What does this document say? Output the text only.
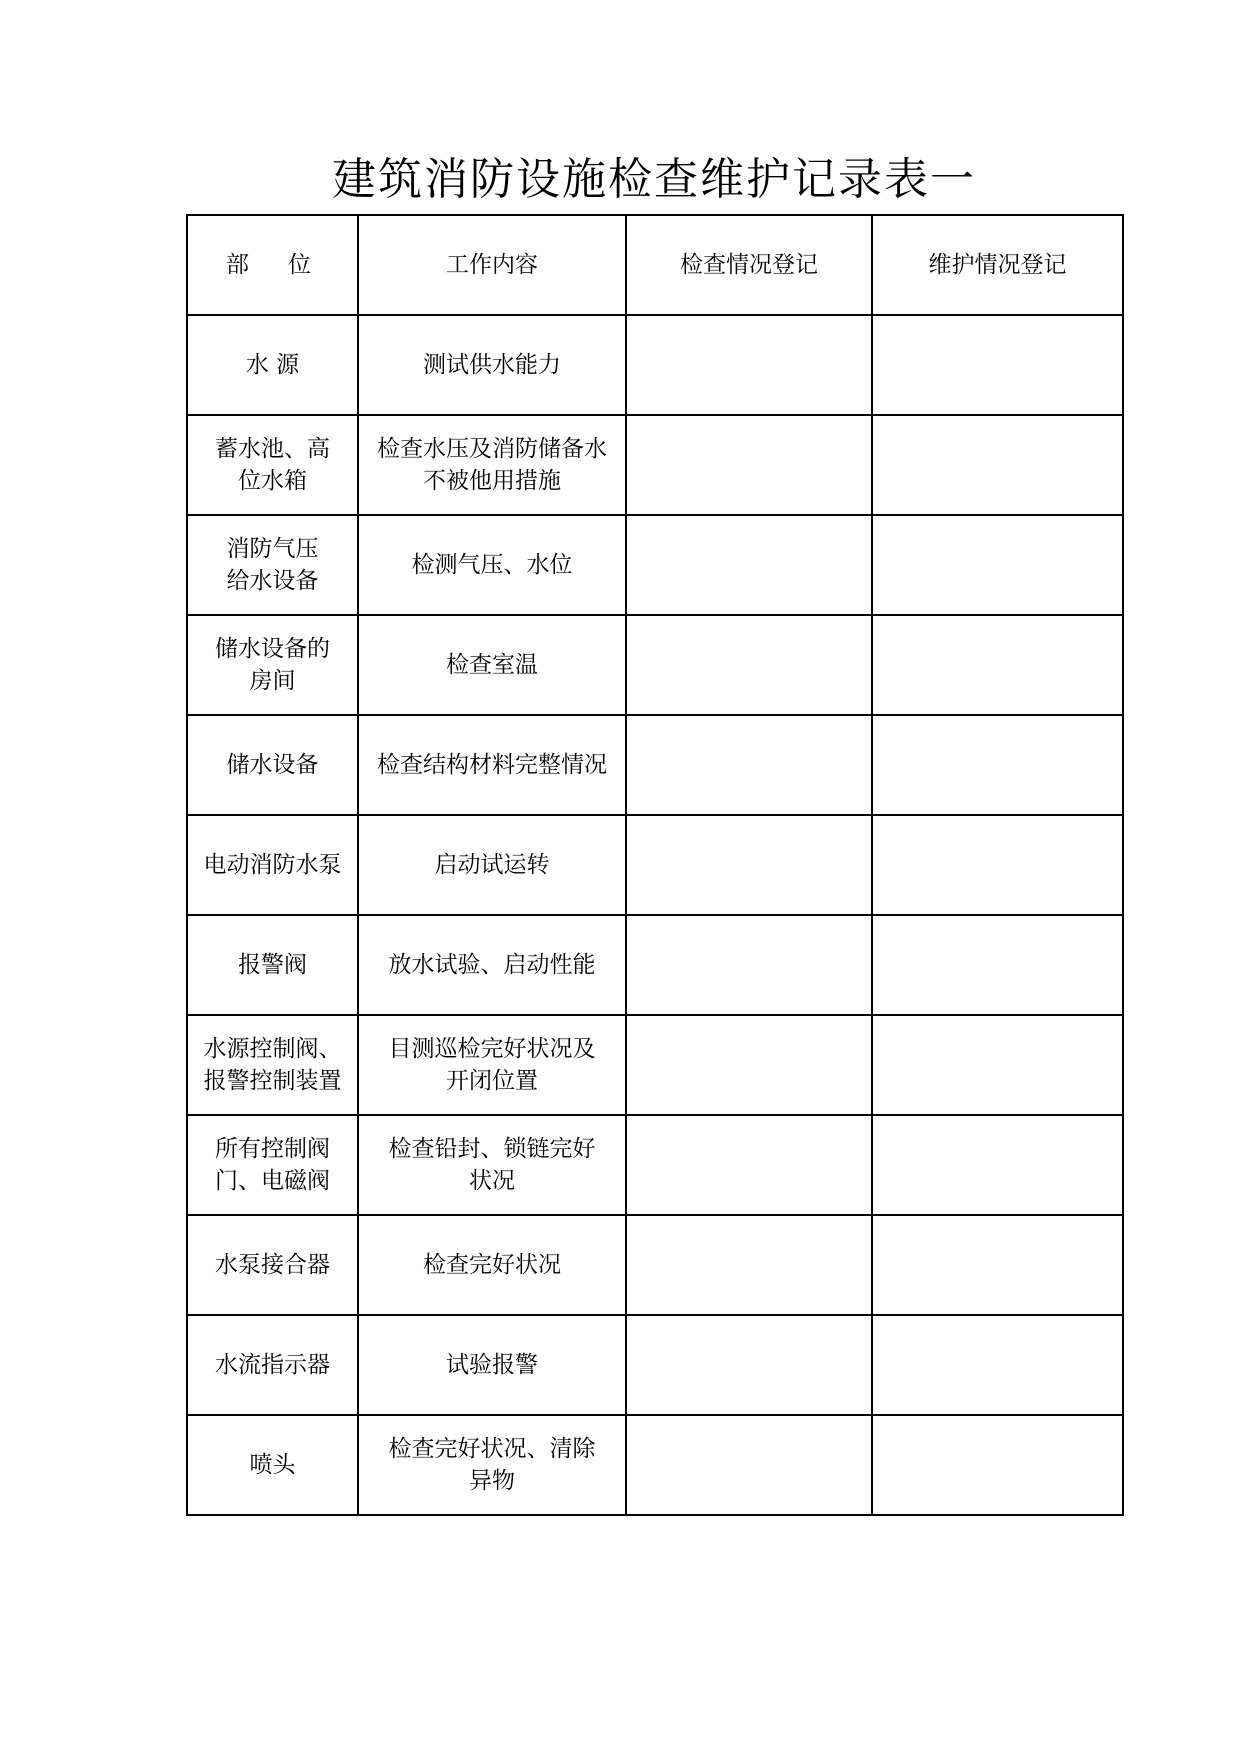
建筑消防设施检查维护记录表一
部　位	工作内容	检查情况登记	维护情况登记

水 源	测试供水能力		

蓄水池、高
位水箱	检查水压及消防储备水
不被他用措施		

消防气压
给水设备	检测气压、水位		

储水设备的
房间	检查室温		

储水设备	检查结构材料完整情况		

电动消防水泵	启动试运转		

报警阀	放水试验、启动性能		

水源控制阀、
报警控制装置	目测巡检完好状况及
开闭位置		

所有控制阀
门、电磁阀	检查铅封、锁链完好
状况		

水泵接合器	检查完好状况		

水流指示器	试验报警		

喷头	检查完好状况、清除
异物		
